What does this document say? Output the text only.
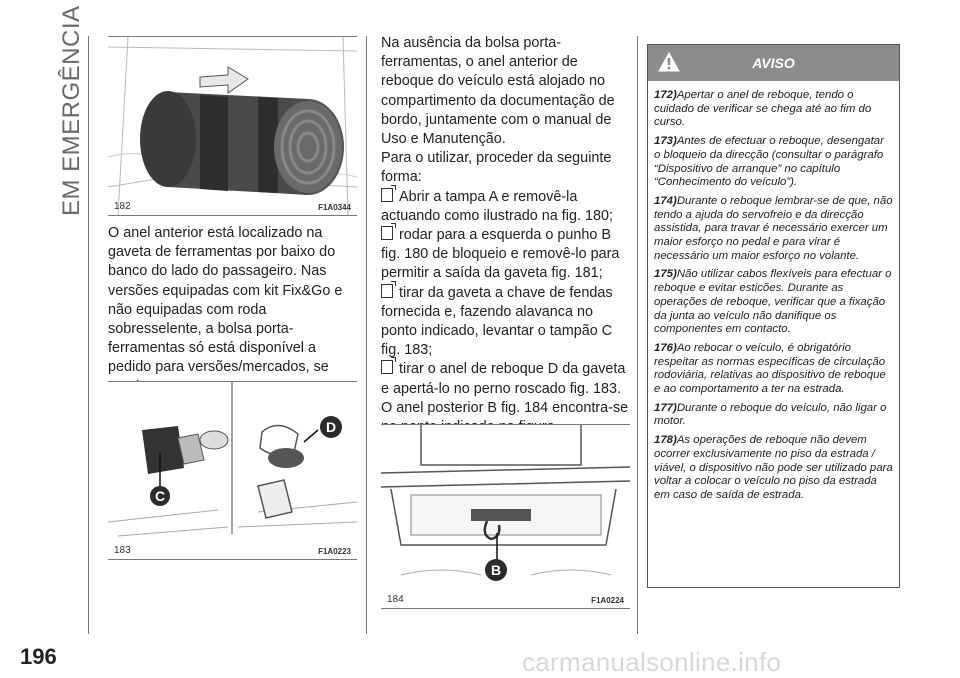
EM EMERGÊNCIA	182	F1A0344

O anel anterior está localizado na gaveta de ferramentas por baixo do banco do lado do passageiro. Nas versões equipadas com kit Fix&Go e não equipadas com roda sobresselente, a bolsa porta-ferramentas só está disponível a pedido para versões/mercados, se

C
D
183	F1A0223

Na ausência da bolsa porta-ferramentas, o anel anterior de reboque do veículo está alojado no compartimento da documentação de bordo, juntamente com o manual de Uso e Manutenção.

Para o utilizar, proceder da seguinte forma:

Abrir a tampa A e removê-la actuando como ilustrado na fig. 180;

rodar para a esquerda o punho B fig. 180 de bloqueio e removê-lo para permitir a saída da gaveta fig. 181;

tirar da gaveta a chave de fendas fornecida e, fazendo alavanca no ponto indicado, levantar o tampão C fig. 183;

tirar o anel de reboque D da gaveta e apertá-lo no perno roscado fig. 183.

O anel posterior B fig. 184 encontra-se

B
184	F1A0224
AVISO

172)Apertar o anel de reboque, tendo o cuidado de verificar se chega até ao fim do curso.

173)Antes de efectuar o reboque, desengatar o bloqueio da direcção (consultar o parágrafo “Dispositivo de arranque” no capítulo “Conhecimento do veículo”).

174)Durante o reboque lembrar-se de que, não tendo a ajuda do servofreio e da direcção assistida, para travar é necessário exercer um maior esforço no pedal e para virar é necessário um maior esforço no volante.

175)Não utilizar cabos flexíveis para efectuar o reboque e evitar esticões. Durante as operações de reboque, verificar que a fixação da junta ao veículo não danifique os componentes em contacto.

176)Ao rebocar o veículo, é obrigatório respeitar as normas específicas de circulação rodoviária, relativas ao dispositivo de reboque e ao comportamento a ter na estrada.

177)Durante o reboque do veículo, não ligar o motor.

178)As operações de reboque não devem ocorrer exclusivamente no piso da estrada / viável, o dispositivo não pode ser utilizado para voltar a colocar o veículo no piso da estrada em caso de saída de estrada.

196	carmanualsonline.info
